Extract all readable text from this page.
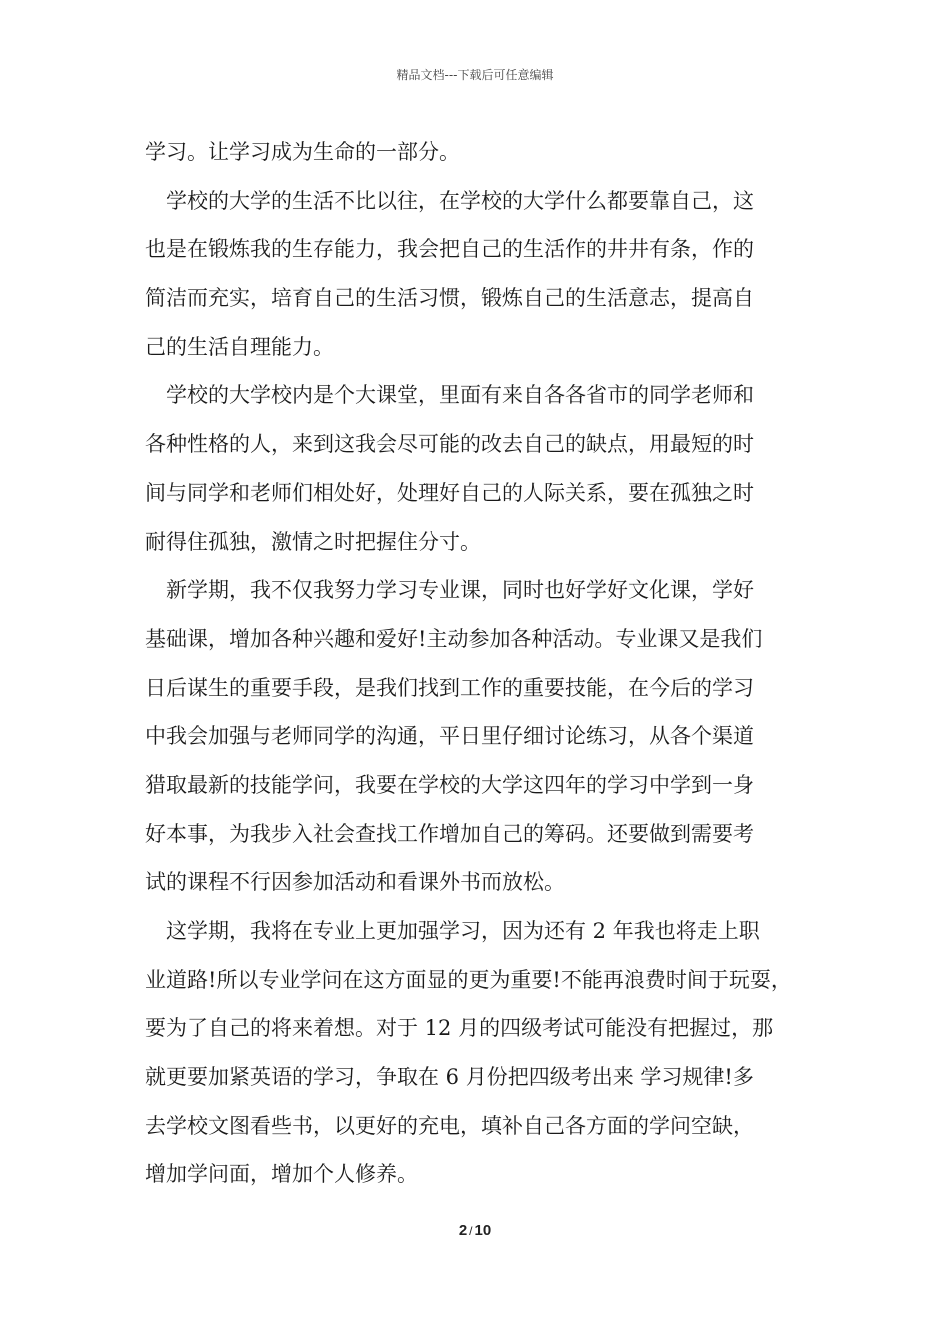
精品文档---下载后可任意编辑

学习。让学习成为生命的一部分。

学校的大学的生活不比以往，在学校的大学什么都要靠自己，这
也是在锻炼我的生存能力，我会把自己的生活作的井井有条，作的
简洁而充实，培育自己的生活习惯，锻炼自己的生活意志，提高自
己的生活自理能力。

学校的大学校内是个大课堂，里面有来自各各省市的同学老师和
各种性格的人，来到这我会尽可能的改去自己的缺点，用最短的时
间与同学和老师们相处好，处理好自己的人际关系，要在孤独之时
耐得住孤独，激情之时把握住分寸。

新学期，我不仅我努力学习专业课，同时也好学好文化课，学好
基础课，增加各种兴趣和爱好!主动参加各种活动。专业课又是我们
日后谋生的重要手段，是我们找到工作的重要技能，在今后的学习
中我会加强与老师同学的沟通，平日里仔细讨论练习，从各个渠道
猎取最新的技能学问，我要在学校的大学这四年的学习中学到一身
好本事，为我步入社会查找工作增加自己的筹码。还要做到需要考
试的课程不行因参加活动和看课外书而放松。

这学期，我将在专业上更加强学习，因为还有 2 年我也将走上职
业道路!所以专业学问在这方面显的更为重要!不能再浪费时间于玩耍，
要为了自己的将来着想。对于 12 月的四级考试可能没有把握过，那
就更要加紧英语的学习，争取在 6 月份把四级考出来 学习规律!多
去学校文图看些书，以更好的充电，填补自己各方面的学问空缺，
增加学问面，增加个人修养。

2 / 10
